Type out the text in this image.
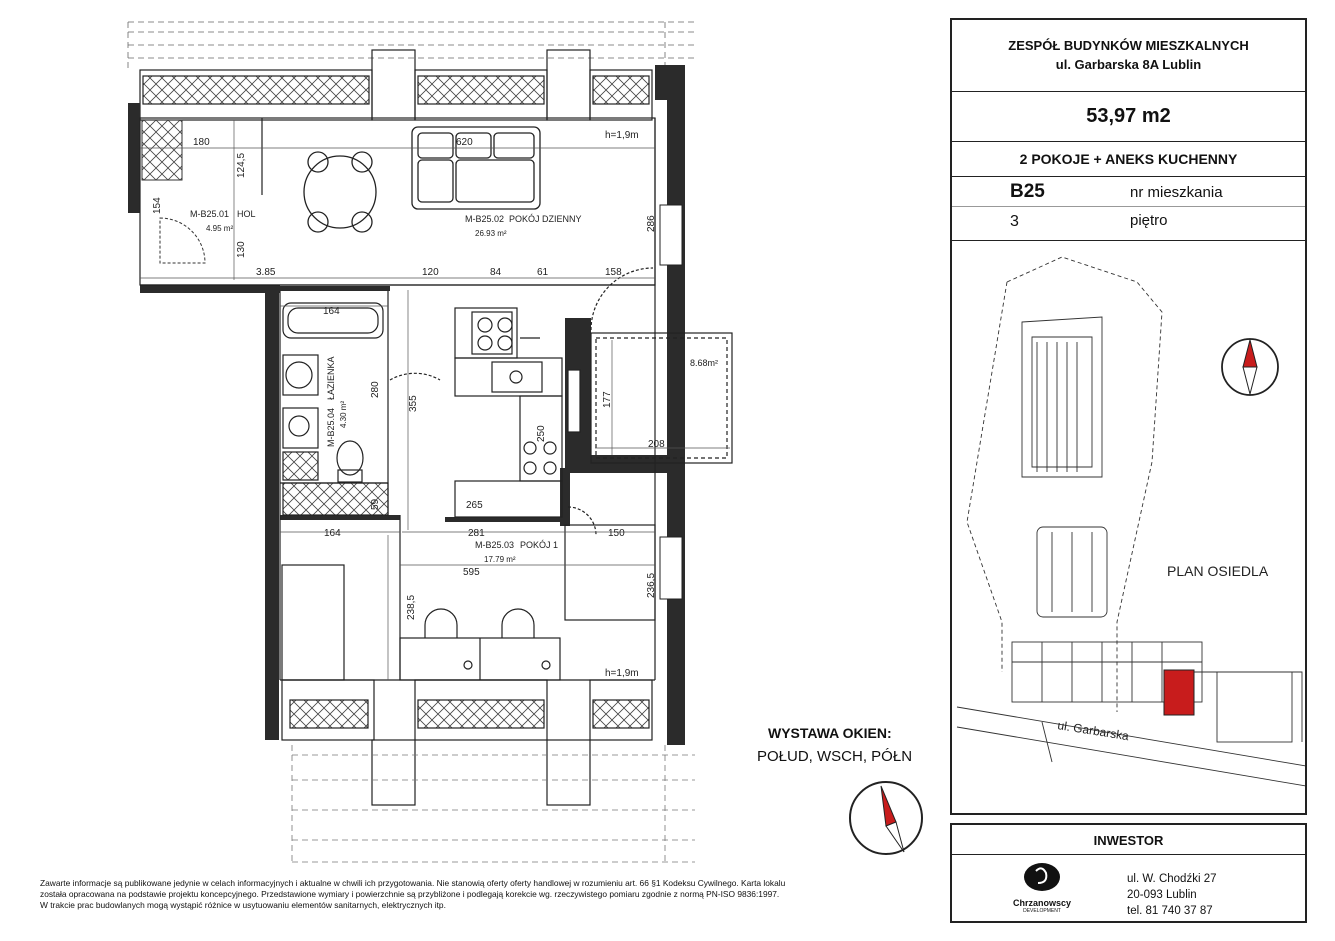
180	620
h=1,9m
124,5
154
130
286
3.85	120	84	61	158
164
280
355	177
208
250
59	265
281	150
164
595
236,5
238,5
h=1,9m
M-B25.01 HOL
4.95 m²
M-B25.02 POKÓJ DZIENNY
26.93 m²
M-B25.03 POKÓJ 1
17.79 m²
M-B25.04
ŁAZIENKA
4.30 m²
8.68m²
ZESPÓŁ BUDYNKÓW MIESZKALNYCH
ul. Garbarska 8A Lublin
53,97 m2
2 POKOJE + ANEKS KUCHENNY
B25	nr mieszkania
3	piętro
PLAN OSIEDLA
ul. Garbarska
WYSTAWA OKIEN:
POŁUD, WSCH, PÓŁN
INWESTOR
Chrzanowscy
DEVELOPMENT
ul. W. Chodźki 27
20-093 Lublin
tel. 81 740 37 87
Zawarte informacje są publikowane jedynie w celach informacyjnych i aktualne w chwili ich przygotowania. Nie stanowią oferty oferty handlowej w rozumieniu art. 66 §1 Kodeksu Cywilnego. Karta lokalu
została opracowana na podstawie projektu koncepcyjnego. Przedstawione wymiary i powierzchnie są przybliżone i podlegają korekcie wg. rzeczywistego pomiaru zgodnie z normą PN-ISO 9836:1997.
W trakcie prac budowlanych mogą wystąpić różnice w usytuowaniu elementów sanitarnych, elektrycznych itp.
